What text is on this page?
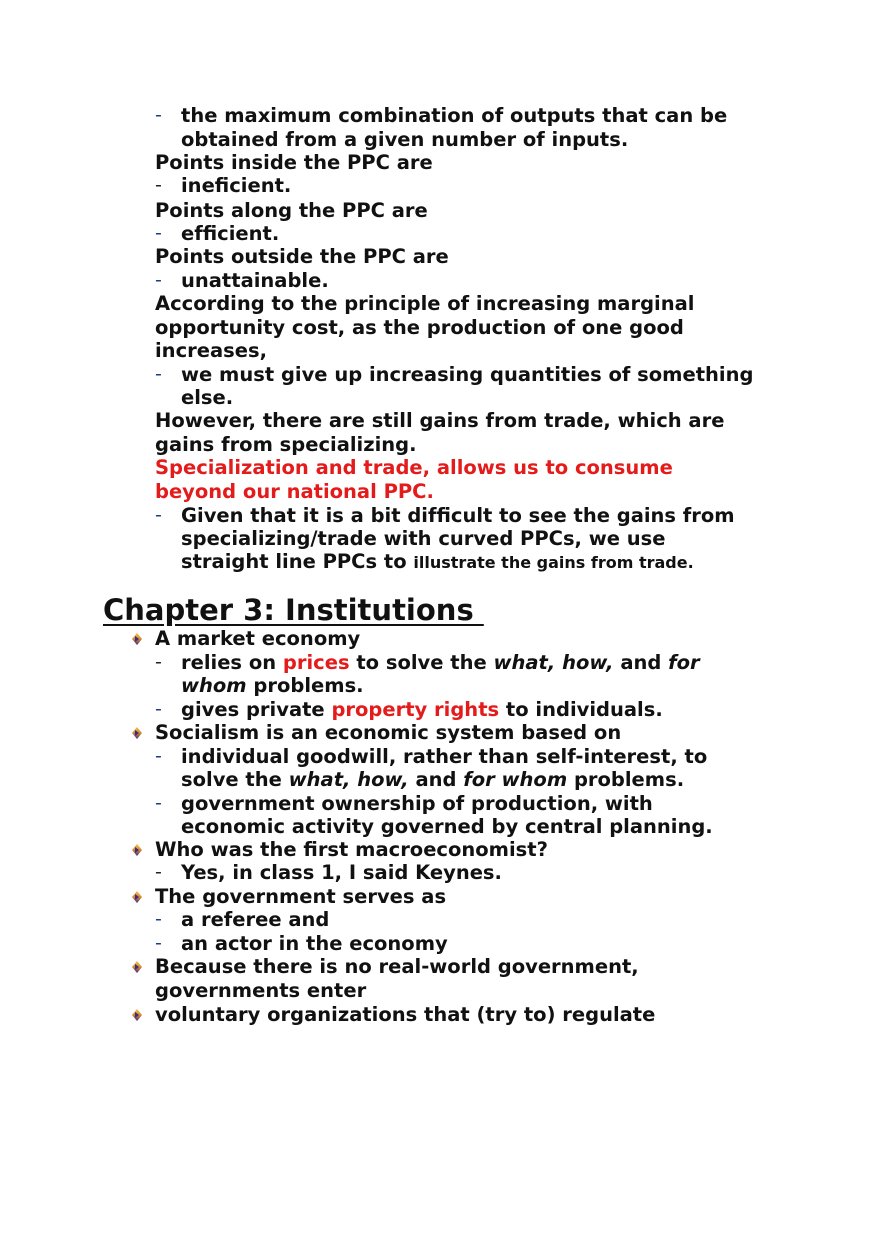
- the maximum combination of outputs that can be
obtained from a given number of inputs.
Points inside the PPC are
- ineﬁcient.
Points along the PPC are
- efﬁcient.
Points outside the PPC are
- unattainable.
According to the principle of increasing marginal
opportunity cost, as the production of one good
increases,
- we must give up increasing quantities of something
else.
However, there are still gains from trade, which are
gains from specializing.
Specialization and trade, allows us to consume
beyond our national PPC.
- Given that it is a bit difﬁcult to see the gains from
specializing/trade with curved PPCs, we use
straight line PPCs to illustrate the gains from trade.
Chapter 3: Institutions
A market economy
- relies on prices to solve the what, how, and for
whom problems.
- gives private property rights to individuals.
Socialism is an economic system based on
- individual goodwill, rather than self-interest, to
solve the what, how, and for whom problems.
- government ownership of production, with
economic activity governed by central planning.
Who was the first macroeconomist?
- Yes, in class 1, I said Keynes.
The government serves as
- a referee and
- an actor in the economy
Because there is no real-world government,
governments enter
voluntary organizations that (try to) regulate
